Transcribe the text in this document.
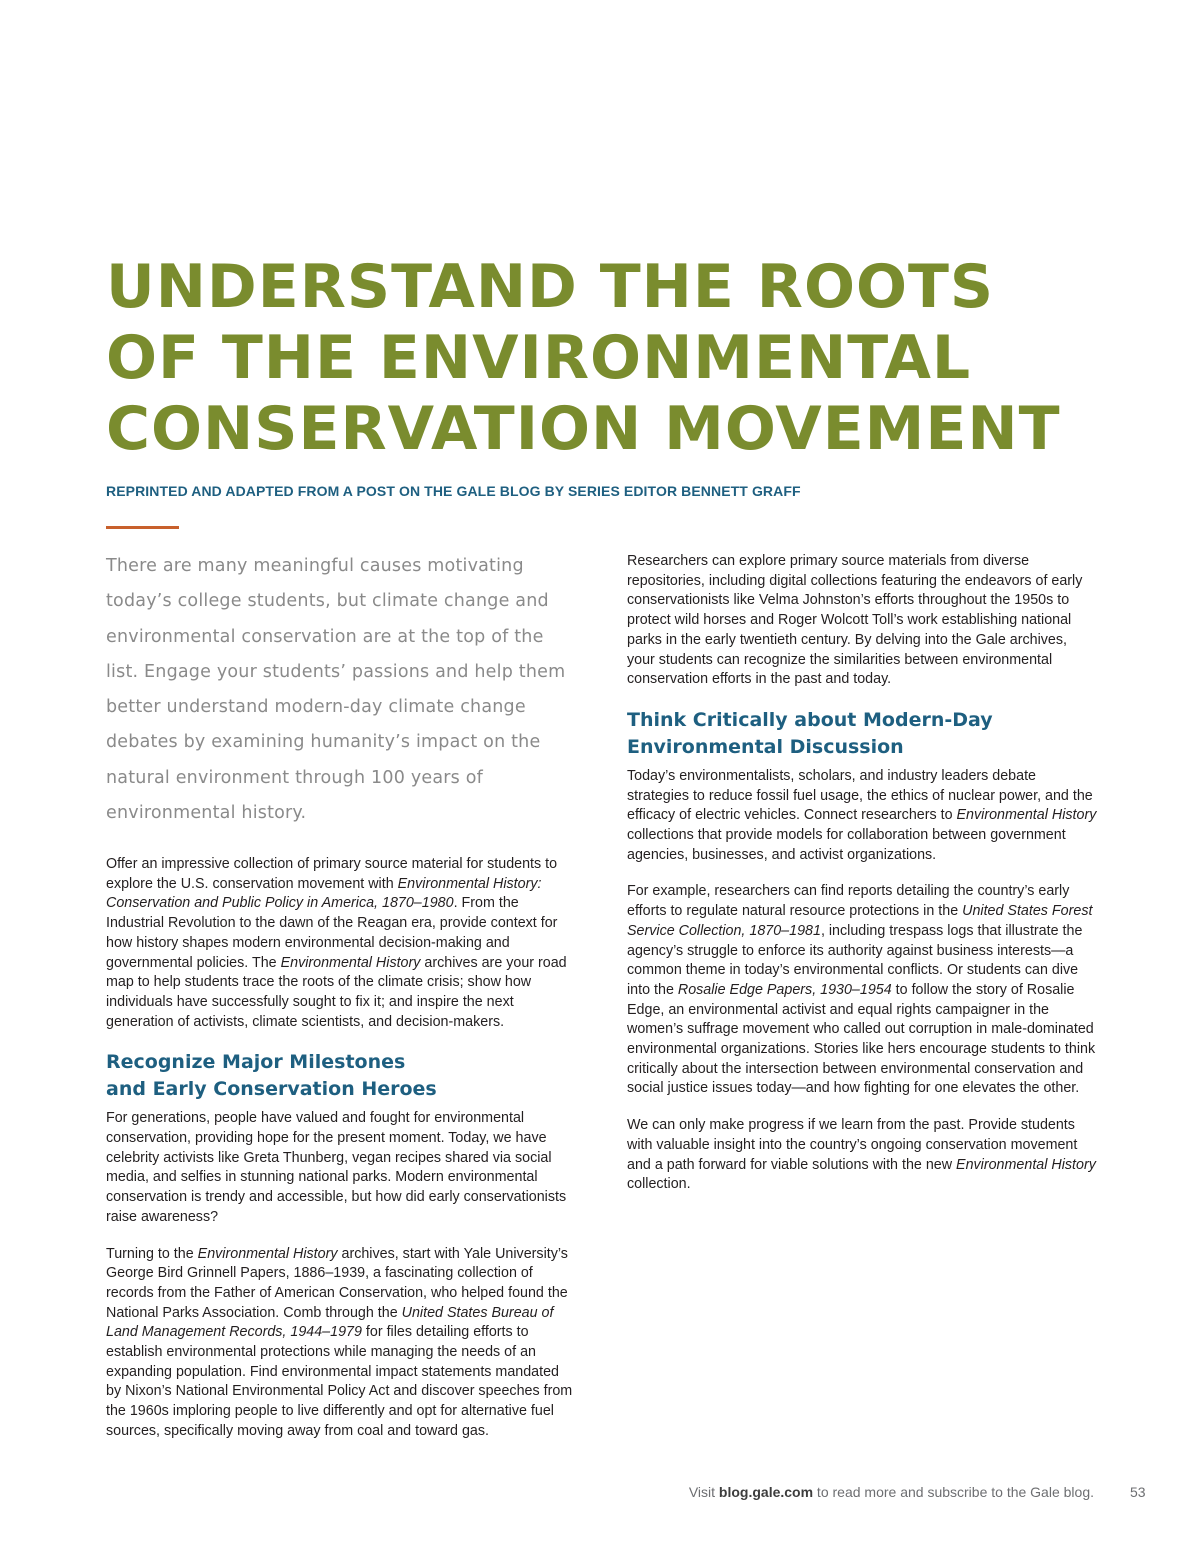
UNDERSTAND THE ROOTS
OF THE ENVIRONMENTAL
CONSERVATION MOVEMENT

REPRINTED AND ADAPTED FROM A POST ON THE GALE BLOG BY SERIES EDITOR BENNETT GRAFF

There are many meaningful causes motivating today’s college students, but climate change and environmental conservation are at the top of the list. Engage your students’ passions and help them better understand modern-day climate change debates by examining humanity’s impact on the natural environment through 100 years of environmental history.

Offer an impressive collection of primary source material for students to explore the U.S. conservation movement with Environmental History: Conservation and Public Policy in America, 1870–1980. From the Industrial Revolution to the dawn of the Reagan era, provide context for how history shapes modern environmental decision-making and governmental policies. The Environmental History archives are your road map to help students trace the roots of the climate crisis; show how individuals have successfully sought to fix it; and inspire the next generation of activists, climate scientists, and decision-makers.

Recognize Major Milestones
and Early Conservation Heroes

For generations, people have valued and fought for environmental conservation, providing hope for the present moment. Today, we have celebrity activists like Greta Thunberg, vegan recipes shared via social media, and selfies in stunning national parks. Modern environmental conservation is trendy and accessible, but how did early conservationists raise awareness?

Turning to the Environmental History archives, start with Yale University’s George Bird Grinnell Papers, 1886–1939, a fascinating collection of records from the Father of American Conservation, who helped found the National Parks Association. Comb through the United States Bureau of Land Management Records, 1944–1979 for files detailing efforts to establish environmental protections while managing the needs of an expanding population. Find environmental impact statements mandated by Nixon’s National Environmental Policy Act and discover speeches from the 1960s imploring people to live differently and opt for alternative fuel sources, specifically moving away from coal and toward gas.

Researchers can explore primary source materials from diverse repositories, including digital collections featuring the endeavors of early conservationists like Velma Johnston’s efforts throughout the 1950s to protect wild horses and Roger Wolcott Toll’s work establishing national parks in the early twentieth century. By delving into the Gale archives, your students can recognize the similarities between environmental conservation efforts in the past and today.

Think Critically about Modern-Day
Environmental Discussion

Today’s environmentalists, scholars, and industry leaders debate strategies to reduce fossil fuel usage, the ethics of nuclear power, and the efficacy of electric vehicles. Connect researchers to Environmental History collections that provide models for collaboration between government agencies, businesses, and activist organizations.

For example, researchers can find reports detailing the country’s early efforts to regulate natural resource protections in the United States Forest Service Collection, 1870–1981, including trespass logs that illustrate the agency’s struggle to enforce its authority against business interests—a common theme in today’s environmental conflicts. Or students can dive into the Rosalie Edge Papers, 1930–1954 to follow the story of Rosalie Edge, an environmental activist and equal rights campaigner in the women’s suffrage movement who called out corruption in male-dominated environmental organizations. Stories like hers encourage students to think critically about the intersection between environmental conservation and social justice issues today—and how fighting for one elevates the other.

We can only make progress if we learn from the past. Provide students with valuable insight into the country’s ongoing conservation movement and a path forward for viable solutions with the new Environmental History collection.

Visit blog.gale.com to read more and subscribe to the Gale blog.	53
